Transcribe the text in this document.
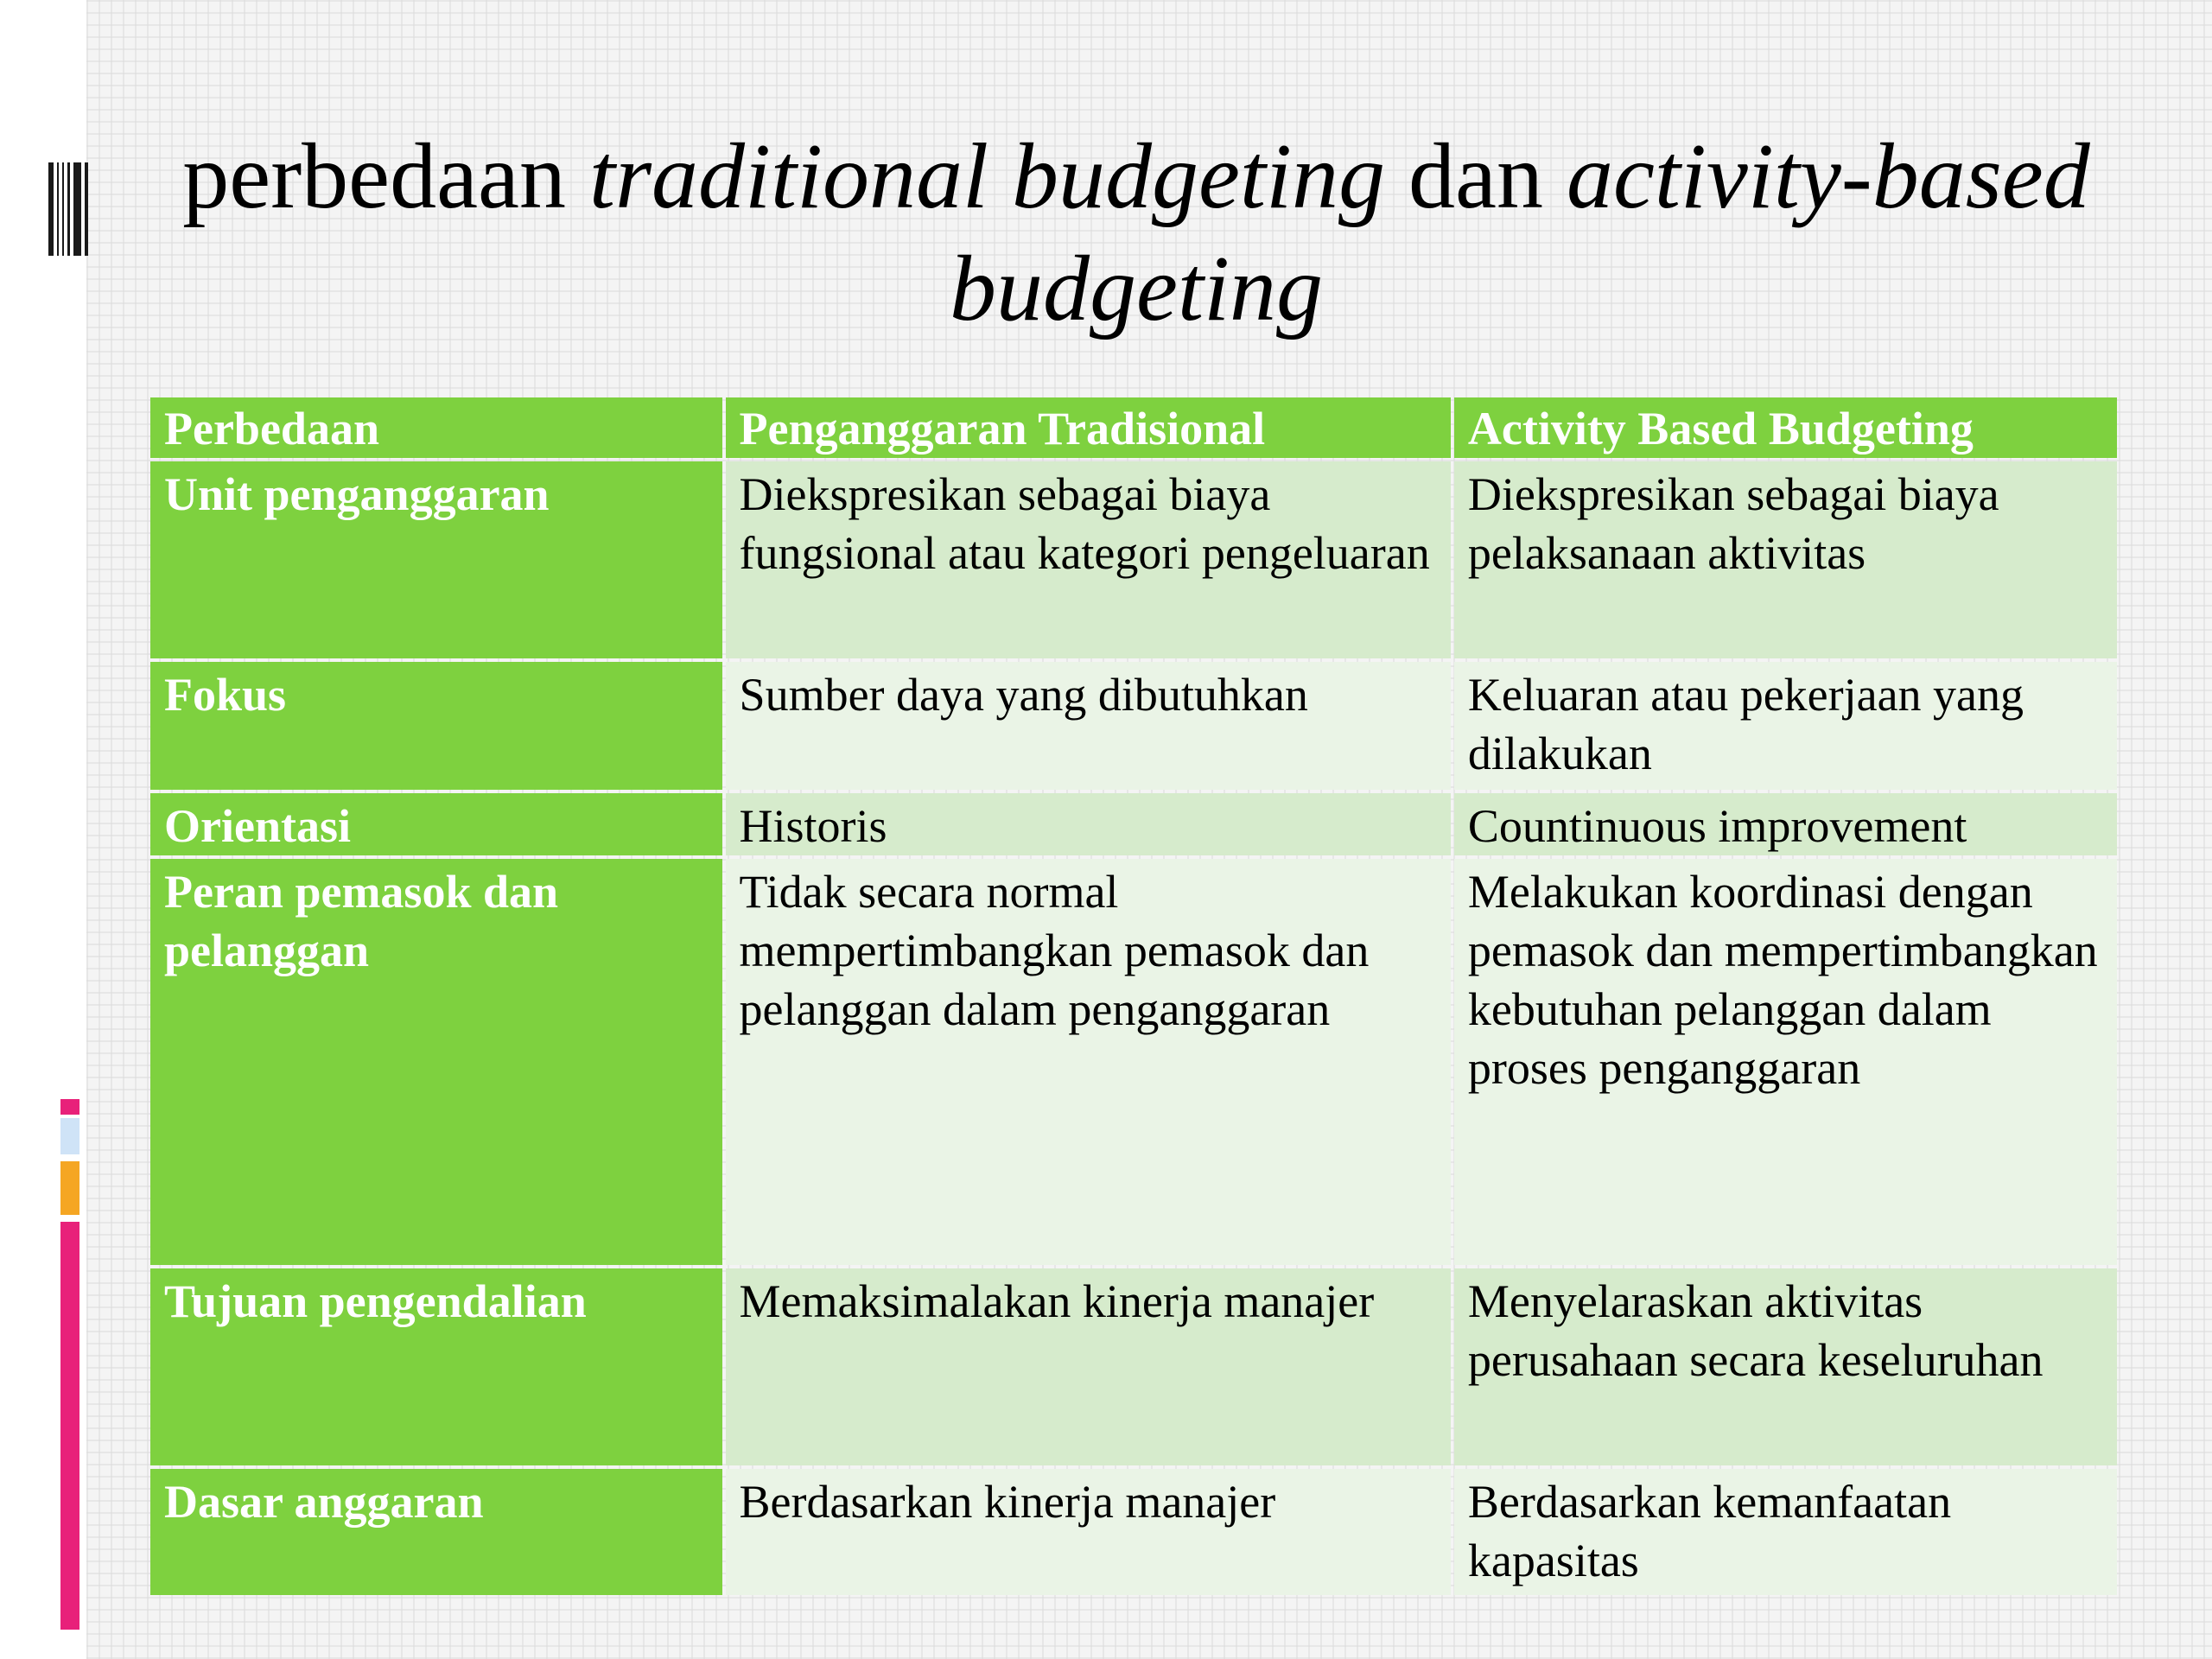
perbedaan traditional budgeting dan activity-based budgeting
Perbedaan	Penganggaran Tradisional	Activity Based Budgeting
Unit penganggaran	Diekspresikan sebagai biaya fungsional atau kategori pengeluaran	Diekspresikan sebagai biaya pelaksanaan aktivitas
Fokus	Sumber daya yang dibutuhkan	Keluaran atau pekerjaan yang dilakukan
Orientasi	Historis	Countinuous improvement
Peran pemasok dan pelanggan	Tidak secara normal mempertimbangkan pemasok dan pelanggan dalam penganggaran	Melakukan koordinasi dengan pemasok dan mempertimbangkan kebutuhan pelanggan dalam proses penganggaran
Tujuan pengendalian	Memaksimalakan kinerja manajer	Menyelaraskan aktivitas perusahaan secara keseluruhan
Dasar anggaran	Berdasarkan kinerja manajer	Berdasarkan kemanfaatan kapasitas
